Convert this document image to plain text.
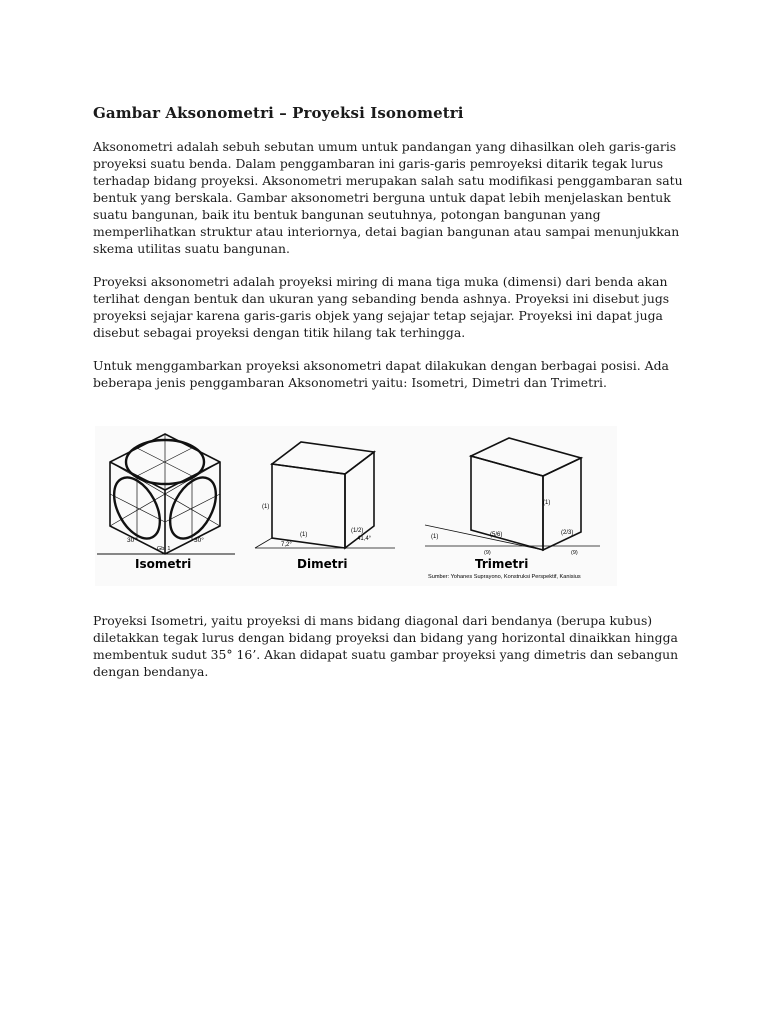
Gambar Aksonometri – Proyeksi Isonometri

Aksonometri adalah sebuh sebutan umum untuk pandangan yang dihasilkan oleh garis-garis
proyeksi suatu benda. Dalam penggambaran ini garis-garis pemroyeksi ditarik tegak lurus
terhadap bidang proyeksi. Aksonometri merupakan salah satu modifikasi penggambaran satu
bentuk yang berskala. Gambar aksonometri berguna untuk dapat lebih menjelaskan bentuk
suatu bangunan, baik itu bentuk bangunan seutuhnya, potongan bangunan yang
memperlihatkan struktur atau interiornya, detai bagian bangunan atau sampai menunjukkan
skema utilitas suatu bangunan.

Proyeksi aksonometri adalah proyeksi miring di mana tiga muka (dimensi) dari benda akan
terlihat dengan bentuk dan ukuran yang sebanding benda ashnya. Proyeksi ini disebut jugs
proyeksi sejajar karena garis-garis objek yang sejajar tetap sejajar. Proyeksi ini dapat juga
disebut sebagai proyeksi dengan titik hilang tak terhingga.

Untuk menggambarkan proyeksi aksonometri dapat dilakukan dengan berbagai posisi. Ada
beberapa jenis penggambaran Aksonometri yaitu: Isometri, Dimetri dan Trimetri.

30°	30°
Gb. 1
Isometri
(1)
(1)
(1/2)
7,2°
41,4°
Dimetri
(1)
(1)
(5/6)	(2/3)
(9)	(9)
Trimetri
Sumber: Yohanes Suprayono, Konstruksi Perspektif, Kanisius

Proyeksi Isometri, yaitu proyeksi di mans bidang diagonal dari bendanya (berupa kubus)
diletakkan tegak lurus dengan bidang proyeksi dan bidang yang horizontal dinaikkan hingga
membentuk sudut 35° 16’. Akan didapat suatu gambar proyeksi yang dimetris dan sebangun
dengan bendanya.
